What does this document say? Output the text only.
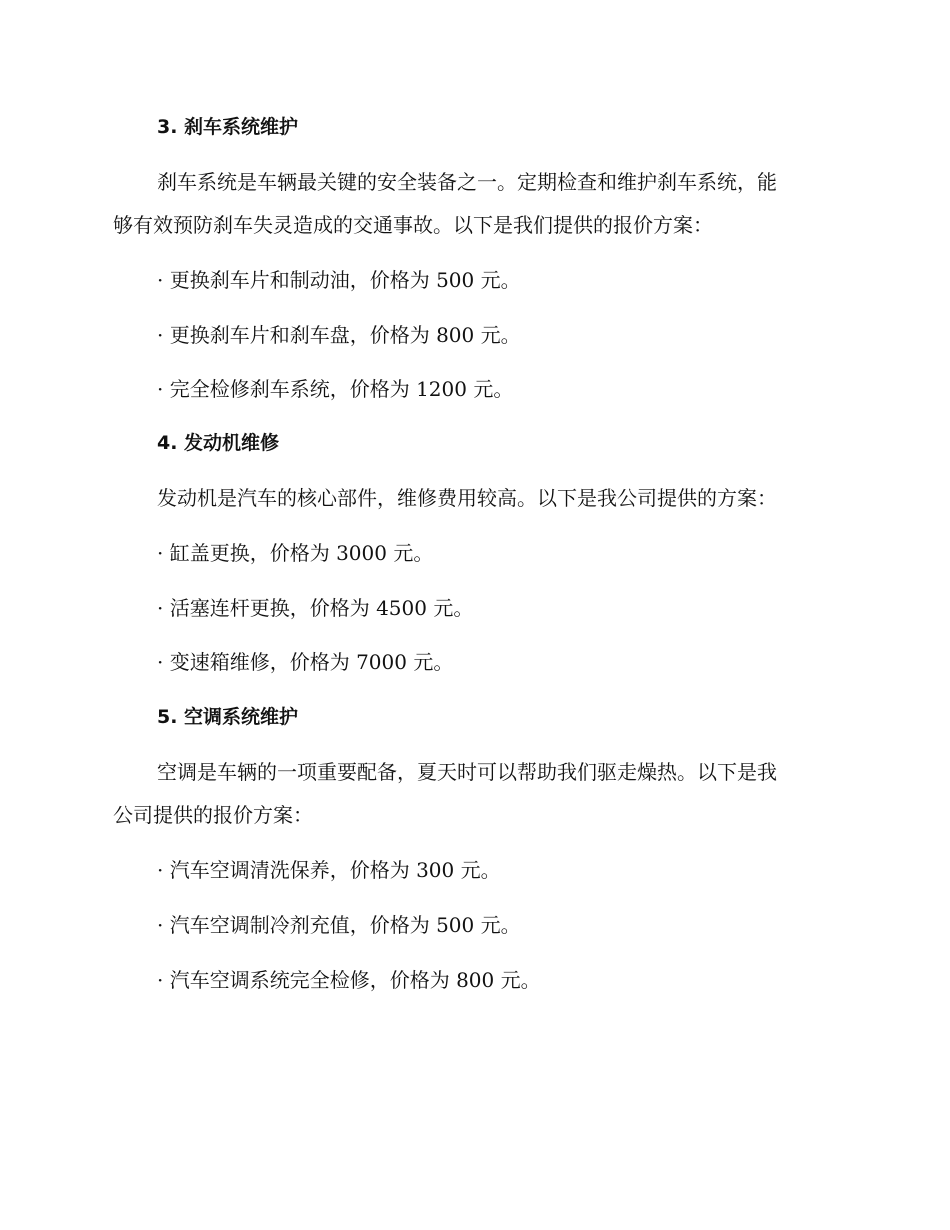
3. 刹车系统维护
刹车系统是车辆最关键的安全装备之一。定期检查和维护刹车系统，能
够有效预防刹车失灵造成的交通事故。以下是我们提供的报价方案：
· 更换刹车片和制动油，价格为 500 元。
· 更换刹车片和刹车盘，价格为 800 元。
· 完全检修刹车系统，价格为 1200 元。
4. 发动机维修
发动机是汽车的核心部件，维修费用较高。以下是我公司提供的方案：
· 缸盖更换，价格为 3000 元。
· 活塞连杆更换，价格为 4500 元。
· 变速箱维修，价格为 7000 元。
5. 空调系统维护
空调是车辆的一项重要配备，夏天时可以帮助我们驱走燥热。以下是我
公司提供的报价方案：
· 汽车空调清洗保养，价格为 300 元。
· 汽车空调制冷剂充值，价格为 500 元。
· 汽车空调系统完全检修，价格为 800 元。
